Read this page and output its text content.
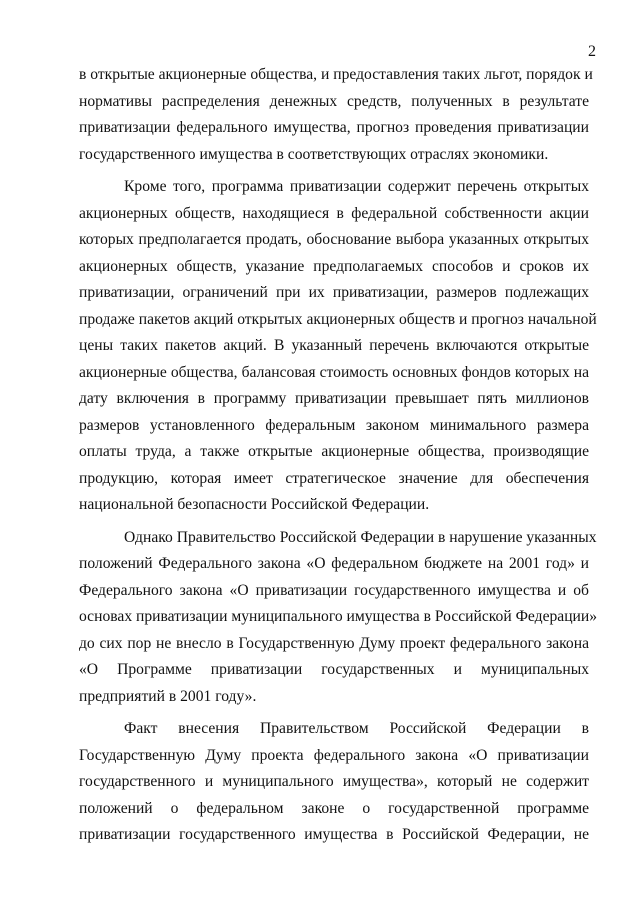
2
в открытые акционерные общества, и предоставления таких льгот, порядок и
нормативы распределения денежных средств, полученных в результате
приватизации федерального имущества, прогноз проведения приватизации
государственного имущества в соответствующих отраслях экономики.
Кроме того, программа приватизации содержит перечень открытых
акционерных обществ, находящиеся в федеральной собственности акции
которых предполагается продать, обоснование выбора указанных открытых
акционерных обществ, указание предполагаемых способов и сроков их
приватизации, ограничений при их приватизации, размеров подлежащих
продаже пакетов акций открытых акционерных обществ и прогноз начальной
цены таких пакетов акций. В указанный перечень включаются открытые
акционерные общества, балансовая стоимость основных фондов которых на
дату включения в программу приватизации превышает пять миллионов
размеров установленного федеральным законом минимального размера
оплаты труда, а также открытые акционерные общества, производящие
продукцию, которая имеет стратегическое значение для обеспечения
национальной безопасности Российской Федерации.
Однако Правительство Российской Федерации в нарушение указанных
положений Федерального закона «О федеральном бюджете на 2001 год» и
Федерального закона «О приватизации государственного имущества и об
основах приватизации муниципального имущества в Российской Федерации»
до сих пор не внесло в Государственную Думу проект федерального закона
«О Программе приватизации государственных и муниципальных
предприятий в 2001 году».
Факт внесения Правительством Российской Федерации в
Государственную Думу проекта федерального закона «О приватизации
государственного и муниципального имущества», который не содержит
положений о федеральном законе о государственной программе
приватизации государственного имущества в Российской Федерации, не
